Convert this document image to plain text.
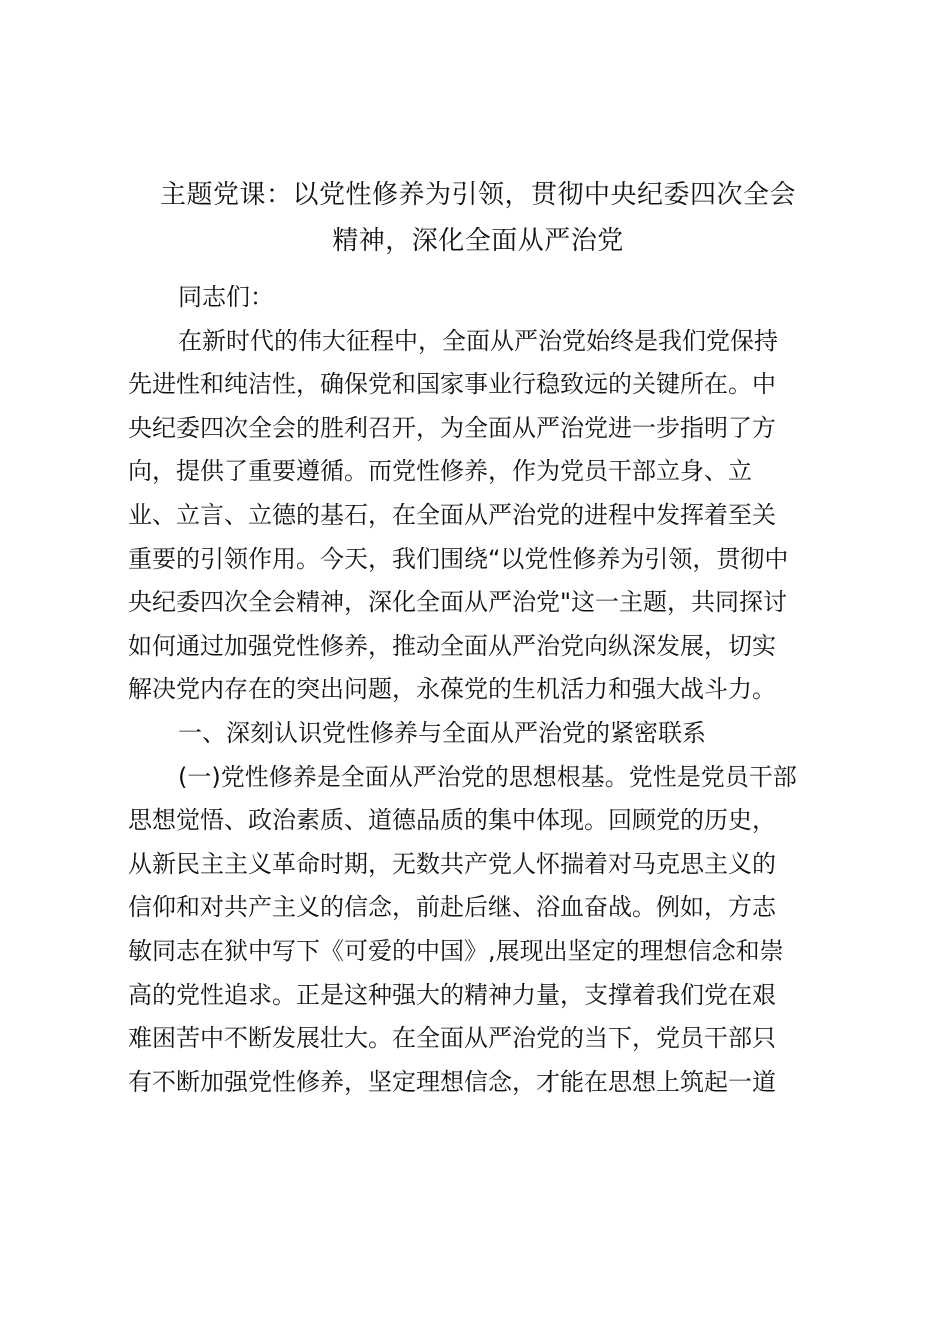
主题党课：以党性修养为引领，贯彻中央纪委四次全会
精神，深化全面从严治党
同志们：
在新时代的伟大征程中，全面从严治党始终是我们党保持
先进性和纯洁性，确保党和国家事业行稳致远的关键所在。中
央纪委四次全会的胜利召开，为全面从严治党进一步指明了方
向，提供了重要遵循。而党性修养，作为党员干部立身、立
业、立言、立德的基石，在全面从严治党的进程中发挥着至关
重要的引领作用。今天，我们围绕“以党性修养为引领，贯彻中
央纪委四次全会精神，深化全面从严治党"这一主题，共同探讨
如何通过加强党性修养，推动全面从严治党向纵深发展，切实
解决党内存在的突出问题，永葆党的生机活力和强大战斗力。
一、深刻认识党性修养与全面从严治党的紧密联系
(一)党性修养是全面从严治党的思想根基。党性是党员干部
思想觉悟、政治素质、道德品质的集中体现。回顾党的历史，
从新民主主义革命时期，无数共产党人怀揣着对马克思主义的
信仰和对共产主义的信念，前赴后继、浴血奋战。例如，方志
敏同志在狱中写下《可爱的中国》,展现出坚定的理想信念和崇
高的党性追求。正是这种强大的精神力量，支撑着我们党在艰
难困苦中不断发展壮大。在全面从严治党的当下，党员干部只
有不断加强党性修养，坚定理想信念，才能在思想上筑起一道
